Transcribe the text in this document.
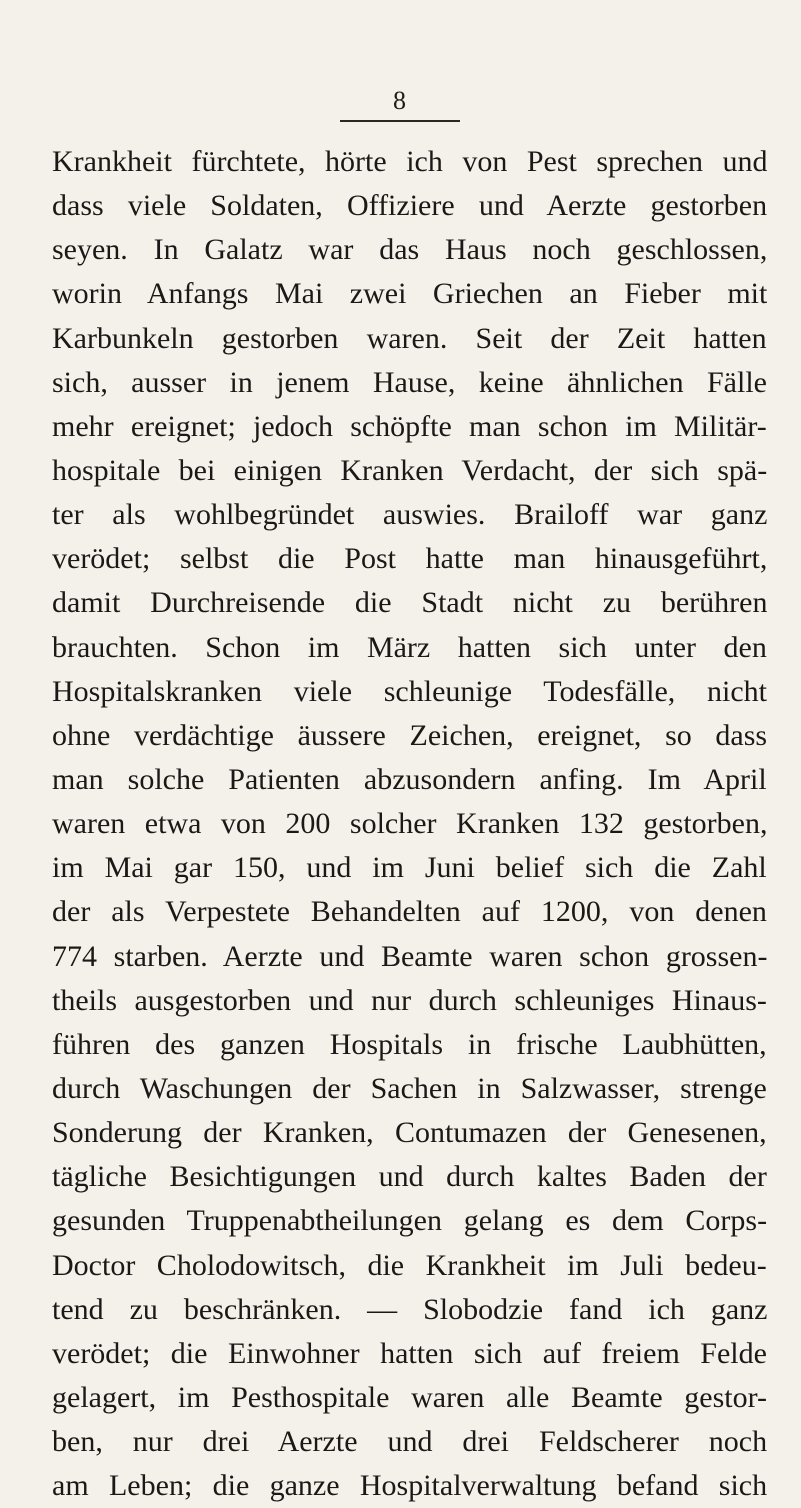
8
Krankheit fürchtete, hörte ich von Pest sprechen und
dass viele Soldaten, Offiziere und Aerzte gestorben
seyen. In Galatz war das Haus noch geschlossen,
worin Anfangs Mai zwei Griechen an Fieber mit
Karbunkeln gestorben waren. Seit der Zeit hatten
sich, ausser in jenem Hause, keine ähnlichen Fälle
mehr ereignet; jedoch schöpfte man schon im Militär-
hospitale bei einigen Kranken Verdacht, der sich spä-
ter als wohlbegründet auswies. Brailoff war ganz
verödet; selbst die Post hatte man hinausgeführt,
damit Durchreisende die Stadt nicht zu berühren
brauchten. Schon im März hatten sich unter den
Hospitalskranken viele schleunige Todesfälle, nicht
ohne verdächtige äussere Zeichen, ereignet, so dass
man solche Patienten abzusondern anfing. Im April
waren etwa von 200 solcher Kranken 132 gestorben,
im Mai gar 150, und im Juni belief sich die Zahl
der als Verpestete Behandelten auf 1200, von denen
774 starben. Aerzte und Beamte waren schon grossen-
theils ausgestorben und nur durch schleuniges Hinaus-
führen des ganzen Hospitals in frische Laubhütten,
durch Waschungen der Sachen in Salzwasser, strenge
Sonderung der Kranken, Contumazen der Genesenen,
tägliche Besichtigungen und durch kaltes Baden der
gesunden Truppenabtheilungen gelang es dem Corps-
Doctor Cholodowitsch, die Krankheit im Juli bedeu-
tend zu beschränken. — Slobodzie fand ich ganz
verödet; die Einwohner hatten sich auf freiem Felde
gelagert, im Pesthospitale waren alle Beamte gestor-
ben, nur drei Aerzte und drei Feldscherer noch
am Leben; die ganze Hospitalverwaltung befand sich
